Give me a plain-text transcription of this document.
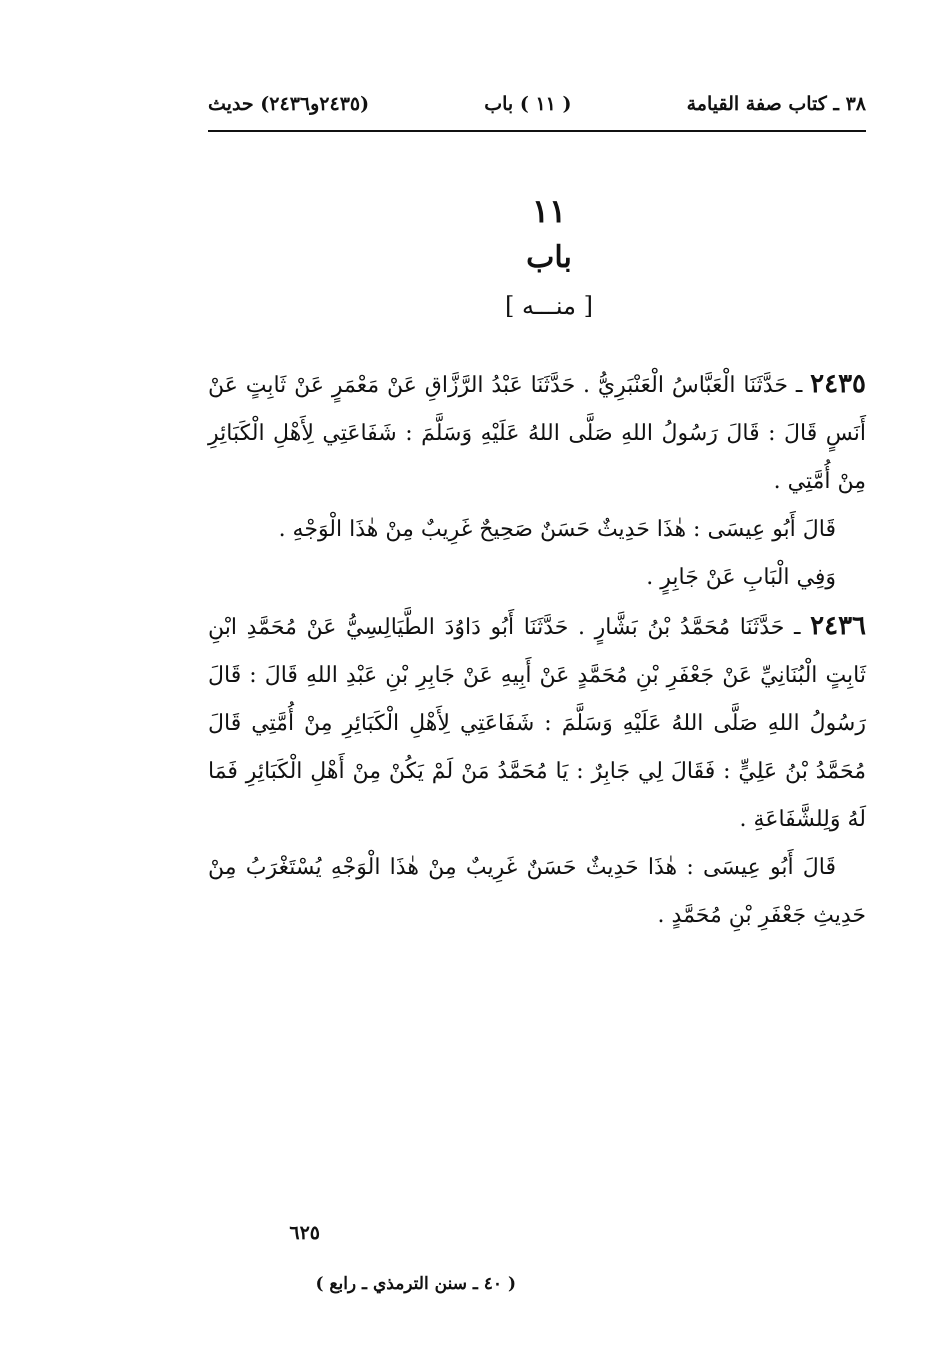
٣٨ ـ كتاب صفة القيامة
( ١١ ) باب
(٢٤٣٥و٢٤٣٦) حديث
١١
باب
[ منـــه ]

٢٤٣٥ ـ حَدَّثَنَا الْعَبَّاسُ الْعَنْبَرِيُّ . حَدَّثَنَا عَبْدُ الرَّزَّاقِ عَنْ مَعْمَرٍ عَنْ ثَابِتٍ عَنْ أَنَسٍ قَالَ : قَالَ رَسُولُ اللهِ صَلَّى اللهُ عَلَيْهِ وَسَلَّمَ : شَفَاعَتِي لِأَهْلِ الْكَبَائِرِ مِنْ أُمَّتِي .

قَالَ أَبُو عِيسَى : هٰذَا حَدِيثٌ حَسَنٌ صَحِيحٌ غَرِيبٌ مِنْ هٰذَا الْوَجْهِ .

وَفِي الْبَابِ عَنْ جَابِرٍ .

٢٤٣٦ ـ حَدَّثَنَا مُحَمَّدُ بْنُ بَشَّارٍ . حَدَّثَنَا أَبُو دَاوُدَ الطَّيَالِسِيُّ عَنْ مُحَمَّدِ ابْنِ ثَابِتٍ الْبُنَانِيِّ عَنْ جَعْفَرِ بْنِ مُحَمَّدٍ عَنْ أَبِيهِ عَنْ جَابِرِ بْنِ عَبْدِ اللهِ قَالَ : قَالَ رَسُولُ اللهِ صَلَّى اللهُ عَلَيْهِ وَسَلَّمَ : شَفَاعَتِي لِأَهْلِ الْكَبَائِرِ مِنْ أُمَّتِي قَالَ مُحَمَّدُ بْنُ عَلِيٍّ : فَقَالَ لِي جَابِرٌ : يَا مُحَمَّدُ مَنْ لَمْ يَكُنْ مِنْ أَهْلِ الْكَبَائِرِ فَمَا لَهُ وَلِلشَّفَاعَةِ .

قَالَ أَبُو عِيسَى : هٰذَا حَدِيثٌ حَسَنٌ غَرِيبٌ مِنْ هٰذَا الْوَجْهِ يُسْتَغْرَبُ مِنْ حَدِيثِ جَعْفَرِ بْنِ مُحَمَّدٍ .

٦٢٥
( ٤٠ ـ سنن الترمذي ـ رابع )
